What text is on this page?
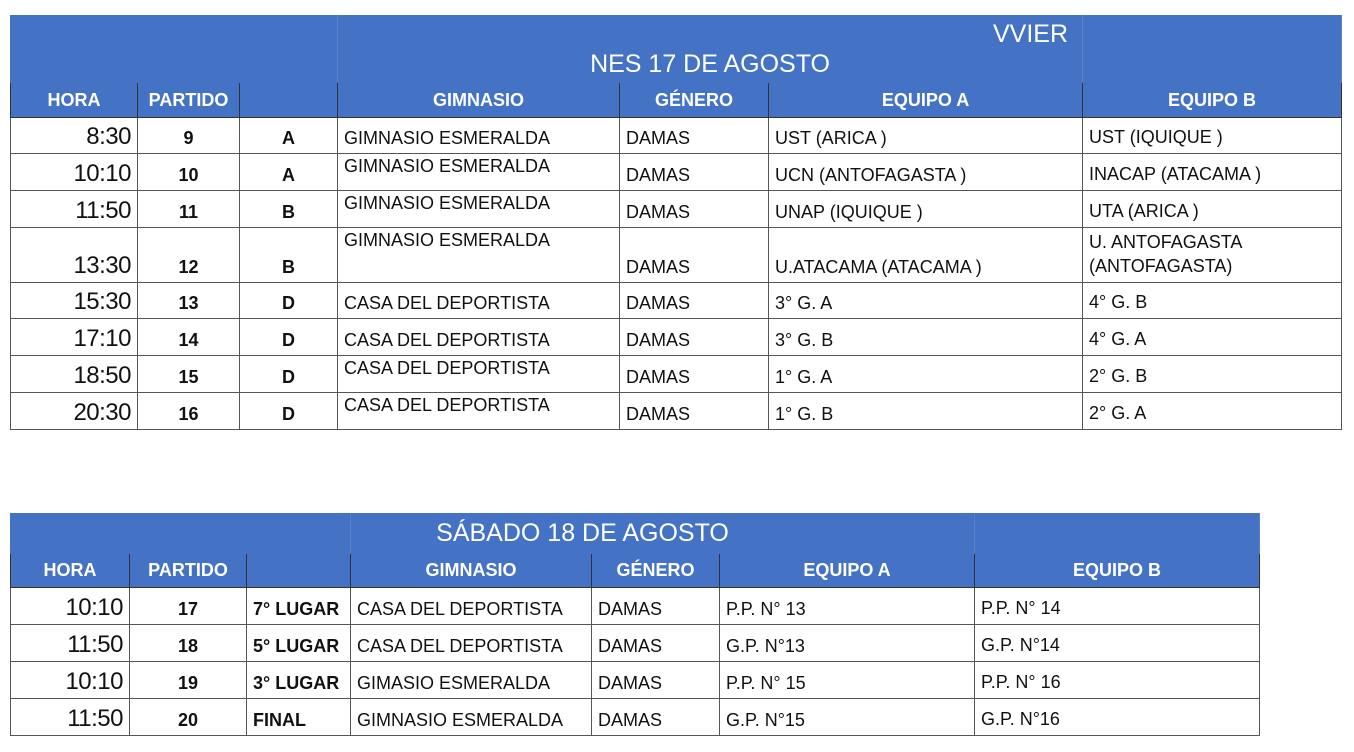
			VVIER
NES 17 DE AGOSTO			

HORA	PARTIDO		GIMNASIO	GÉNERO	EQUIPO A	EQUIPO B
8:30	9	A	GIMNASIO ESMERALDA	DAMAS	UST (ARICA )	UST (IQUIQUE )
10:10	10	A	GIMNASIO ESMERALDA	DAMAS	UCN (ANTOFAGASTA )	INACAP (ATACAMA )
11:50	11	B	GIMNASIO ESMERALDA	DAMAS	UNAP (IQUIQUE )	UTA (ARICA )
13:30	12	B	GIMNASIO ESMERALDA	DAMAS	U.ATACAMA (ATACAMA )	U. ANTOFAGASTA (ANTOFAGASTA)
15:30	13	D	CASA DEL DEPORTISTA	DAMAS	3° G. A	4° G. B
17:10	14	D	CASA DEL DEPORTISTA	DAMAS	3° G. B	4° G. A
18:50	15	D	CASA DEL DEPORTISTA	DAMAS	1° G. A	2° G. B
20:30	16	D	CASA DEL DEPORTISTA	DAMAS	1° G. B	2° G. A
			SÁBADO 18 DE AGOSTO			
HORA	PARTIDO		GIMNASIO	GÉNERO	EQUIPO A	EQUIPO B
10:10	17	7° LUGAR	CASA DEL DEPORTISTA	DAMAS	P.P. N° 13	P.P. N° 14
11:50	18	5° LUGAR	CASA DEL DEPORTISTA	DAMAS	G.P. N°13	G.P. N°14
10:10	19	3° LUGAR	GIMASIO ESMERALDA	DAMAS	P.P. N° 15	P.P. N° 16
11:50	20	FINAL	GIMNASIO ESMERALDA	DAMAS	G.P. N°15	G.P. N°16
